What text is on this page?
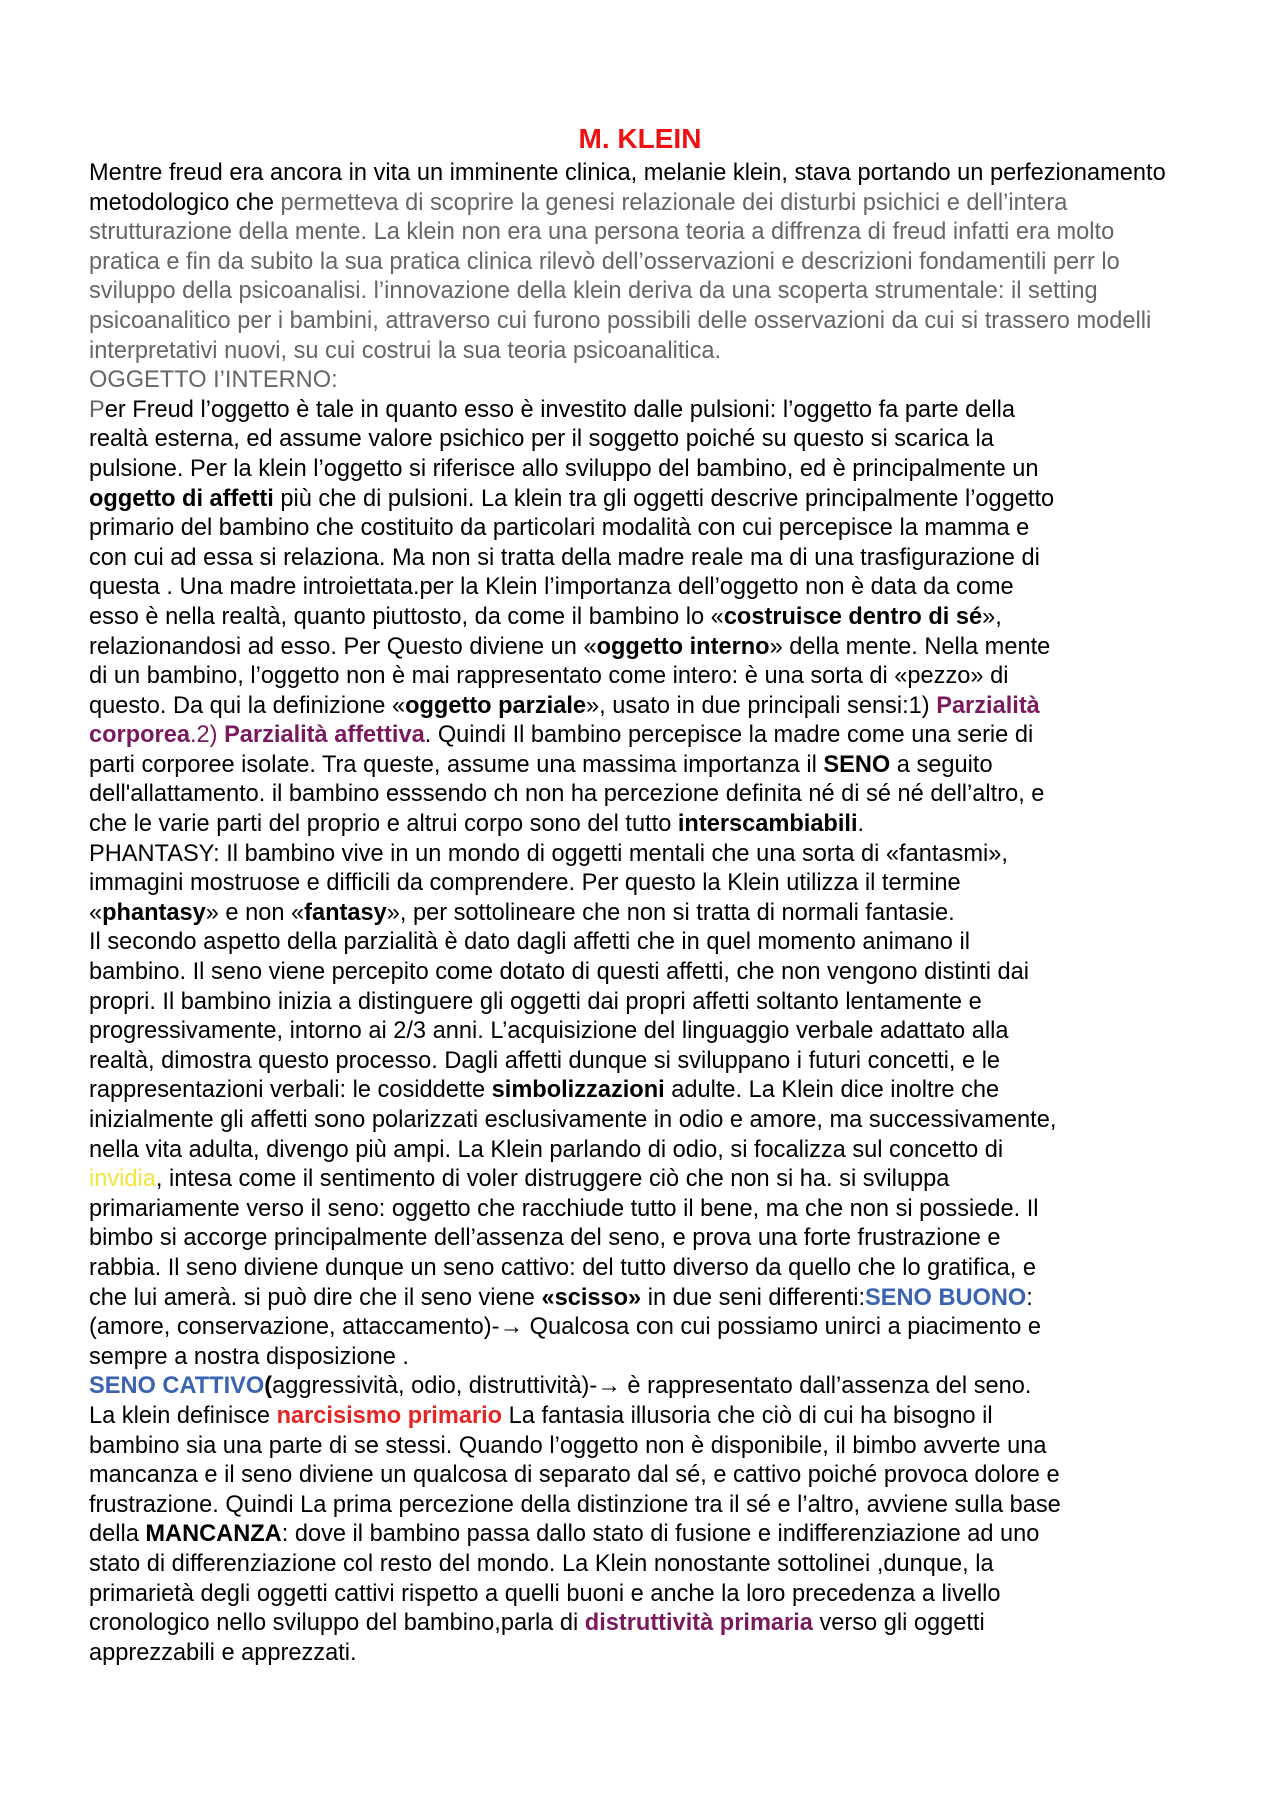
M. KLEIN

Mentre freud era ancora in vita un imminente clinica, melanie klein, stava portando un perfezionamento

metodologico che permetteva di scoprire la genesi relazionale dei disturbi psichici e dell’intera

strutturazione della mente. La klein non era una persona teoria a diffrenza di freud infatti era molto

pratica e fin da subito la sua pratica clinica rilevò dell’osservazioni e descrizioni fondamentili perr lo

sviluppo della psicoanalisi. l’innovazione della klein deriva da una scoperta strumentale: il setting

psicoanalitico per i bambini, attraverso cui furono possibili delle osservazioni da cui si trassero modelli

interpretativi nuovi, su cui costrui la sua teoria psicoanalitica.

OGGETTO I’INTERNO:

Per Freud l’oggetto è tale in quanto esso è investito dalle pulsioni: l’oggetto fa parte della

realtà esterna, ed assume valore psichico per il soggetto poiché su questo si scarica la

pulsione. Per la klein l’oggetto si riferisce allo sviluppo del bambino, ed è principalmente un

oggetto di affetti più che di pulsioni. La klein tra gli oggetti descrive principalmente l’oggetto

primario del bambino che costituito da particolari modalità con cui percepisce la mamma e

con cui ad essa si relaziona. Ma non si tratta della madre reale ma di una trasfigurazione di

questa . Una madre introiettata.per la Klein l’importanza dell’oggetto non è data da come

esso è nella realtà, quanto piuttosto, da come il bambino lo «costruisce dentro di sé»,

relazionandosi ad esso. Per Questo diviene un «oggetto interno» della mente. Nella mente

di un bambino, l’oggetto non è mai rappresentato come intero: è una sorta di «pezzo» di

questo. Da qui la definizione «oggetto parziale», usato in due principali sensi:1) Parzialità

corporea.2) Parzialità affettiva. Quindi Il bambino percepisce la madre come una serie di

parti corporee isolate. Tra queste, assume una massima importanza il SENO a seguito

dell'allattamento. il bambino esssendo ch non ha percezione definita né di sé né dell’altro, e

che le varie parti del proprio e altrui corpo sono del tutto interscambiabili.

PHANTASY: Il bambino vive in un mondo di oggetti mentali che una sorta di «fantasmi»,

immagini mostruose e difficili da comprendere. Per questo la Klein utilizza il termine

«phantasy» e non «fantasy», per sottolineare che non si tratta di normali fantasie.

Il secondo aspetto della parzialità è dato dagli affetti che in quel momento animano il

bambino. Il seno viene percepito come dotato di questi affetti, che non vengono distinti dai

propri. Il bambino inizia a distinguere gli oggetti dai propri affetti soltanto lentamente e

progressivamente, intorno ai 2/3 anni. L’acquisizione del linguaggio verbale adattato alla

realtà, dimostra questo processo. Dagli affetti dunque si sviluppano i futuri concetti, e le

rappresentazioni verbali: le cosiddette simbolizzazioni adulte. La Klein dice inoltre che

inizialmente gli affetti sono polarizzati esclusivamente in odio e amore, ma successivamente,

nella vita adulta, divengo più ampi. La Klein parlando di odio, si focalizza sul concetto di

invidia, intesa come il sentimento di voler distruggere ciò che non si ha. si sviluppa

primariamente verso il seno: oggetto che racchiude tutto il bene, ma che non si possiede. Il

bimbo si accorge principalmente dell’assenza del seno, e prova una forte frustrazione e

rabbia. Il seno diviene dunque un seno cattivo: del tutto diverso da quello che lo gratifica, e

che lui amerà. si può dire che il seno viene «scisso» in due seni differenti:SENO BUONO:

(amore, conservazione, attaccamento)-→ Qualcosa con cui possiamo unirci a piacimento e

sempre a nostra disposizione .

SENO CATTIVO(aggressività, odio, distruttività)-→ è rappresentato dall’assenza del seno.

La klein definisce narcisismo primario La fantasia illusoria che ciò di cui ha bisogno il

bambino sia una parte di se stessi. Quando l’oggetto non è disponibile, il bimbo avverte una

mancanza e il seno diviene un qualcosa di separato dal sé, e cattivo poiché provoca dolore e

frustrazione. Quindi La prima percezione della distinzione tra il sé e l’altro, avviene sulla base

della MANCANZA: dove il bambino passa dallo stato di fusione e indifferenziazione ad uno

stato di differenziazione col resto del mondo. La Klein nonostante sottolinei ,dunque, la

primarietà degli oggetti cattivi rispetto a quelli buoni e anche la loro precedenza a livello

cronologico nello sviluppo del bambino,parla di distruttività primaria verso gli oggetti

apprezzabili e apprezzati.
